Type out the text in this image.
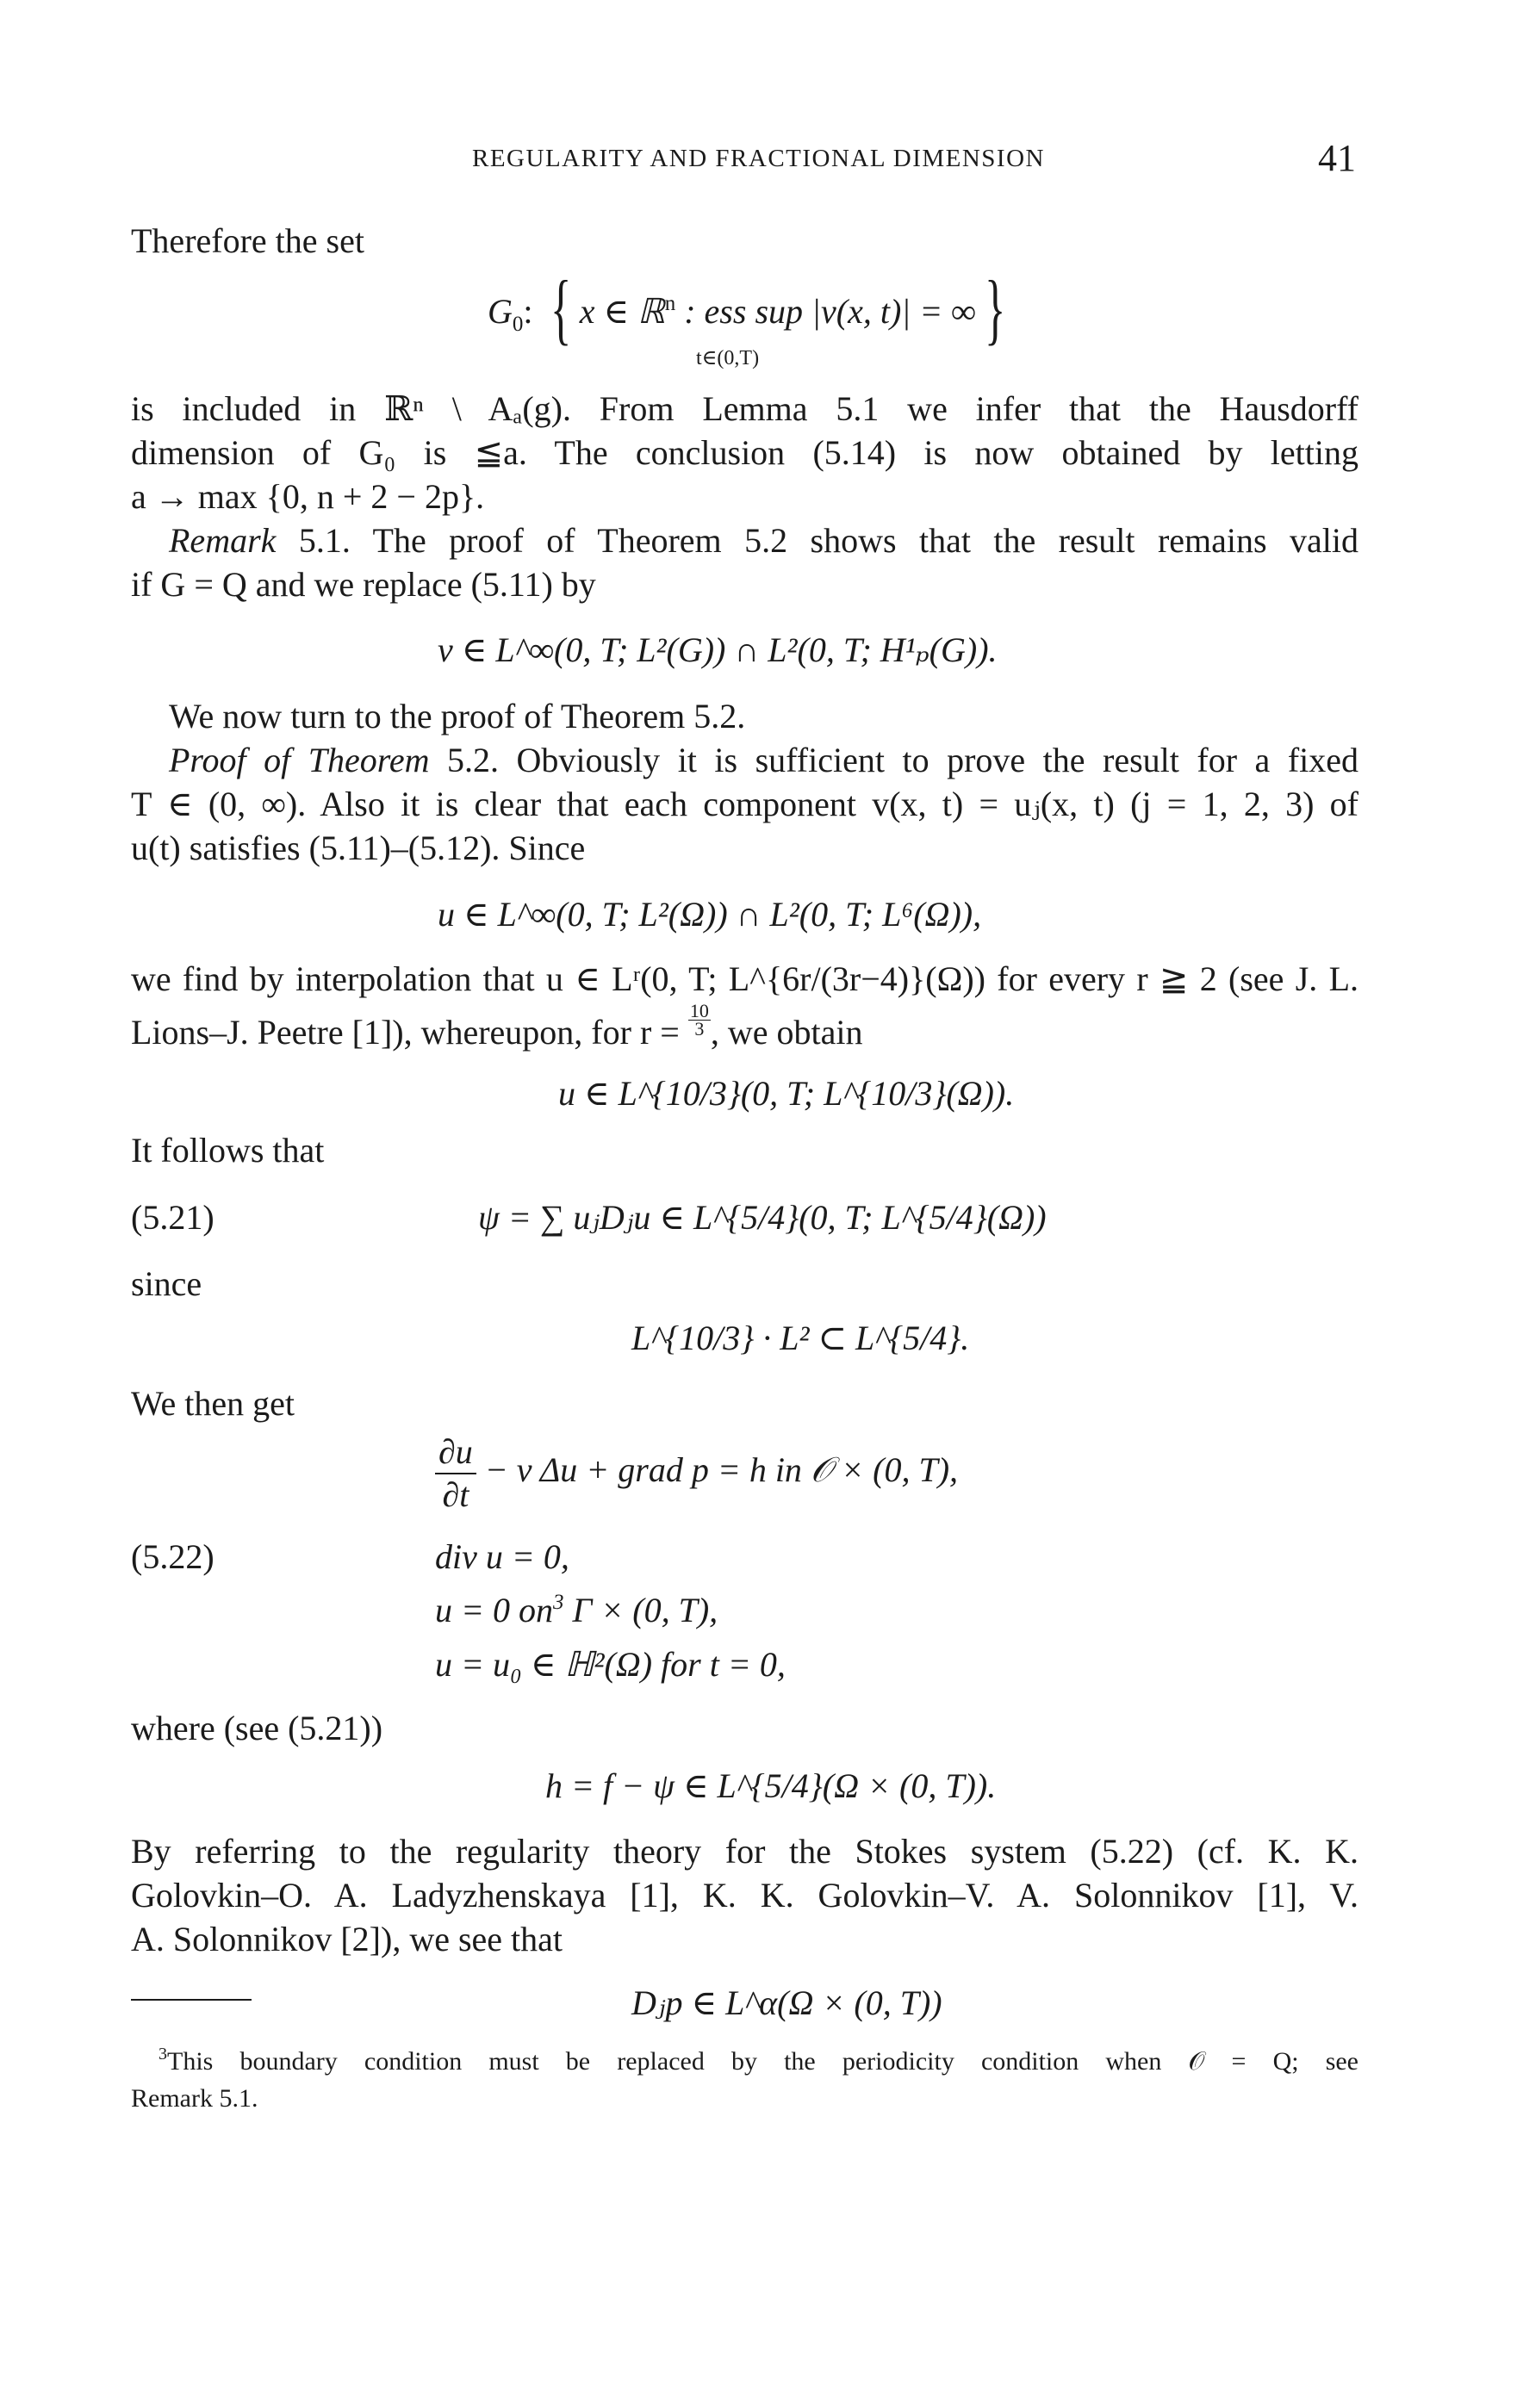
REGULARITY AND FRACTIONAL DIMENSION	41
Therefore the set
$G_0$: { x ∈ ℝ$^n$ : ess sup |v(x, t)| = ∞ }
t∈(0,T)
is included in ℝⁿ \ Aₐ(g). From Lemma 5.1 we infer that the Hausdorff
dimension of G₀ is ≦a. The conclusion (5.14) is now obtained by letting
a → max {0, n + 2 − 2p}.
Remark 5.1. The proof of Theorem 5.2 shows that the result remains valid
if G = Q and we replace (5.11) by
v ∈ L^∞(0, T; L²(G)) ∩ L²(0, T; H¹ₚ(G)).
We now turn to the proof of Theorem 5.2.
Proof of Theorem 5.2. Obviously it is sufficient to prove the result for a fixed
T ∈ (0, ∞). Also it is clear that each component v(x, t) = uⱼ(x, t) (j = 1, 2, 3) of
u(t) satisfies (5.11)–(5.12). Since
u ∈ L^∞(0, T; L²(Ω)) ∩ L²(0, T; L⁶(Ω)),
we find by interpolation that u ∈ Lʳ(0, T; L^{6r/(3r−4)}(Ω)) for every r ≧ 2 (see J. L.
Lions–J. Peetre [1]), whereupon, for $r = \frac{10}{3}$, we obtain
u ∈ L^{10/3}(0, T; L^{10/3}(Ω)).
It follows that
(5.21)	ψ = ∑ uⱼDⱼu ∈ L^{5/4}(0, T; L^{5/4}(Ω))
since
L^{10/3} · L² ⊂ L^{5/4}.
We then get
$\frac{\partial u}{\partial t} - \nu$ Δu + grad p = h in 𝒪 × (0, T),
(5.22)	div u = 0,
u = 0 $on^3$ Γ × (0, T),
u = u₀ ∈ ℍ²(Ω) for t = 0,
where (see (5.21))
h = f − ψ ∈ L^{5/4}(Ω × (0, T)).
By referring to the regularity theory for the Stokes system (5.22) (cf. K. K.
Golovkin–O. A. Ladyzhenskaya [1], K. K. Golovkin–V. A. Solonnikov [1], V.
A. Solonnikov [2]), we see that
Dⱼp ∈ L^α(Ω × (0, T))
$^3$This boundary condition must be replaced by the periodicity condition when 𝒪 = Q; see
Remark 5.1.
